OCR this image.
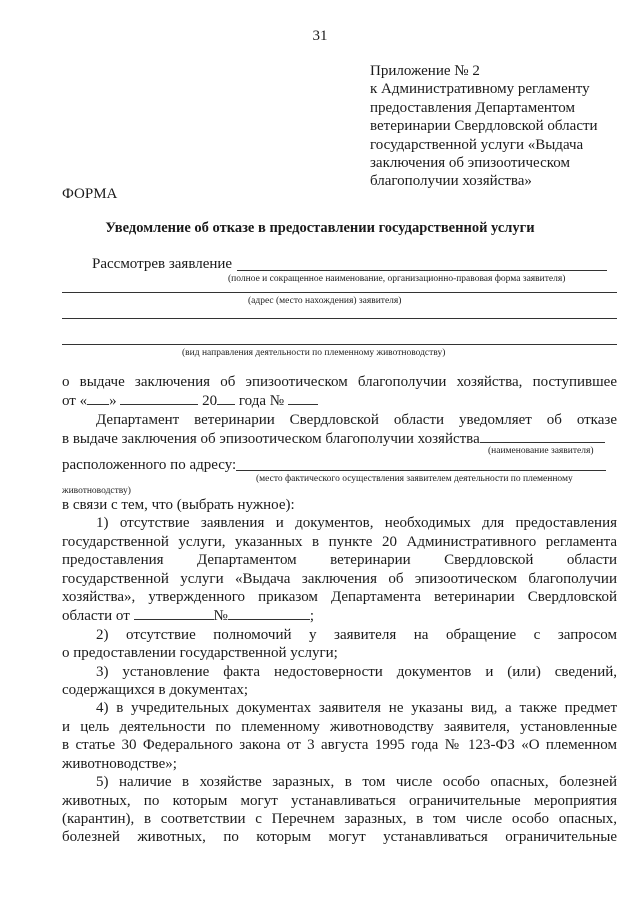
31
Приложение № 2
к Административному регламенту
предоставления Департаментом
ветеринарии Свердловской области
государственной услуги «Выдача
заключения об эпизоотическом
благополучии хозяйства»
ФОРМА
Уведомление об отказе в предоставлении государственной услуги
Рассмотрев заявление
(полное и сокращенное наименование, организационно-правовая форма заявителя)
(адрес (место нахождения) заявителя)
(вид направления деятельности по племенному животноводству)
о выдаче заключения об эпизоотическом благополучии хозяйства, поступившее
от « »	20 года №
Департамент ветеринарии Свердловской области уведомляет об отказе
в выдаче заключения об эпизоотическом благополучии хозяйства
(наименование заявителя)
расположенного по адресу:
(место фактического осуществления заявителем деятельности по племенному
животноводству)
в связи с тем, что (выбрать нужное):
1) отсутствие заявления и документов, необходимых для предоставления
государственной услуги, указанных в пункте 20 Административного регламента
предоставления Департаментом ветеринарии Свердловской области
государственной услуги «Выдача заключения об эпизоотическом благополучии
хозяйства», утвержденного приказом Департамента ветеринарии Свердловской
области от	№	;
2) отсутствие полномочий у заявителя на обращение с запросом
о предоставлении государственной услуги;
3) установление факта недостоверности документов и (или) сведений,
содержащихся в документах;
4) в учредительных документах заявителя не указаны вид, а также предмет
и цель деятельности по племенному животноводству заявителя, установленные
в статье 30 Федерального закона от 3 августа 1995 года № 123-ФЗ «О племенном
животноводстве»;
5) наличие в хозяйстве заразных, в том числе особо опасных, болезней
животных, по которым могут устанавливаться ограничительные мероприятия
(карантин), в соответствии с Перечнем заразных, в том числе особо опасных,
болезней животных, по которым могут устанавливаться ограничительные
